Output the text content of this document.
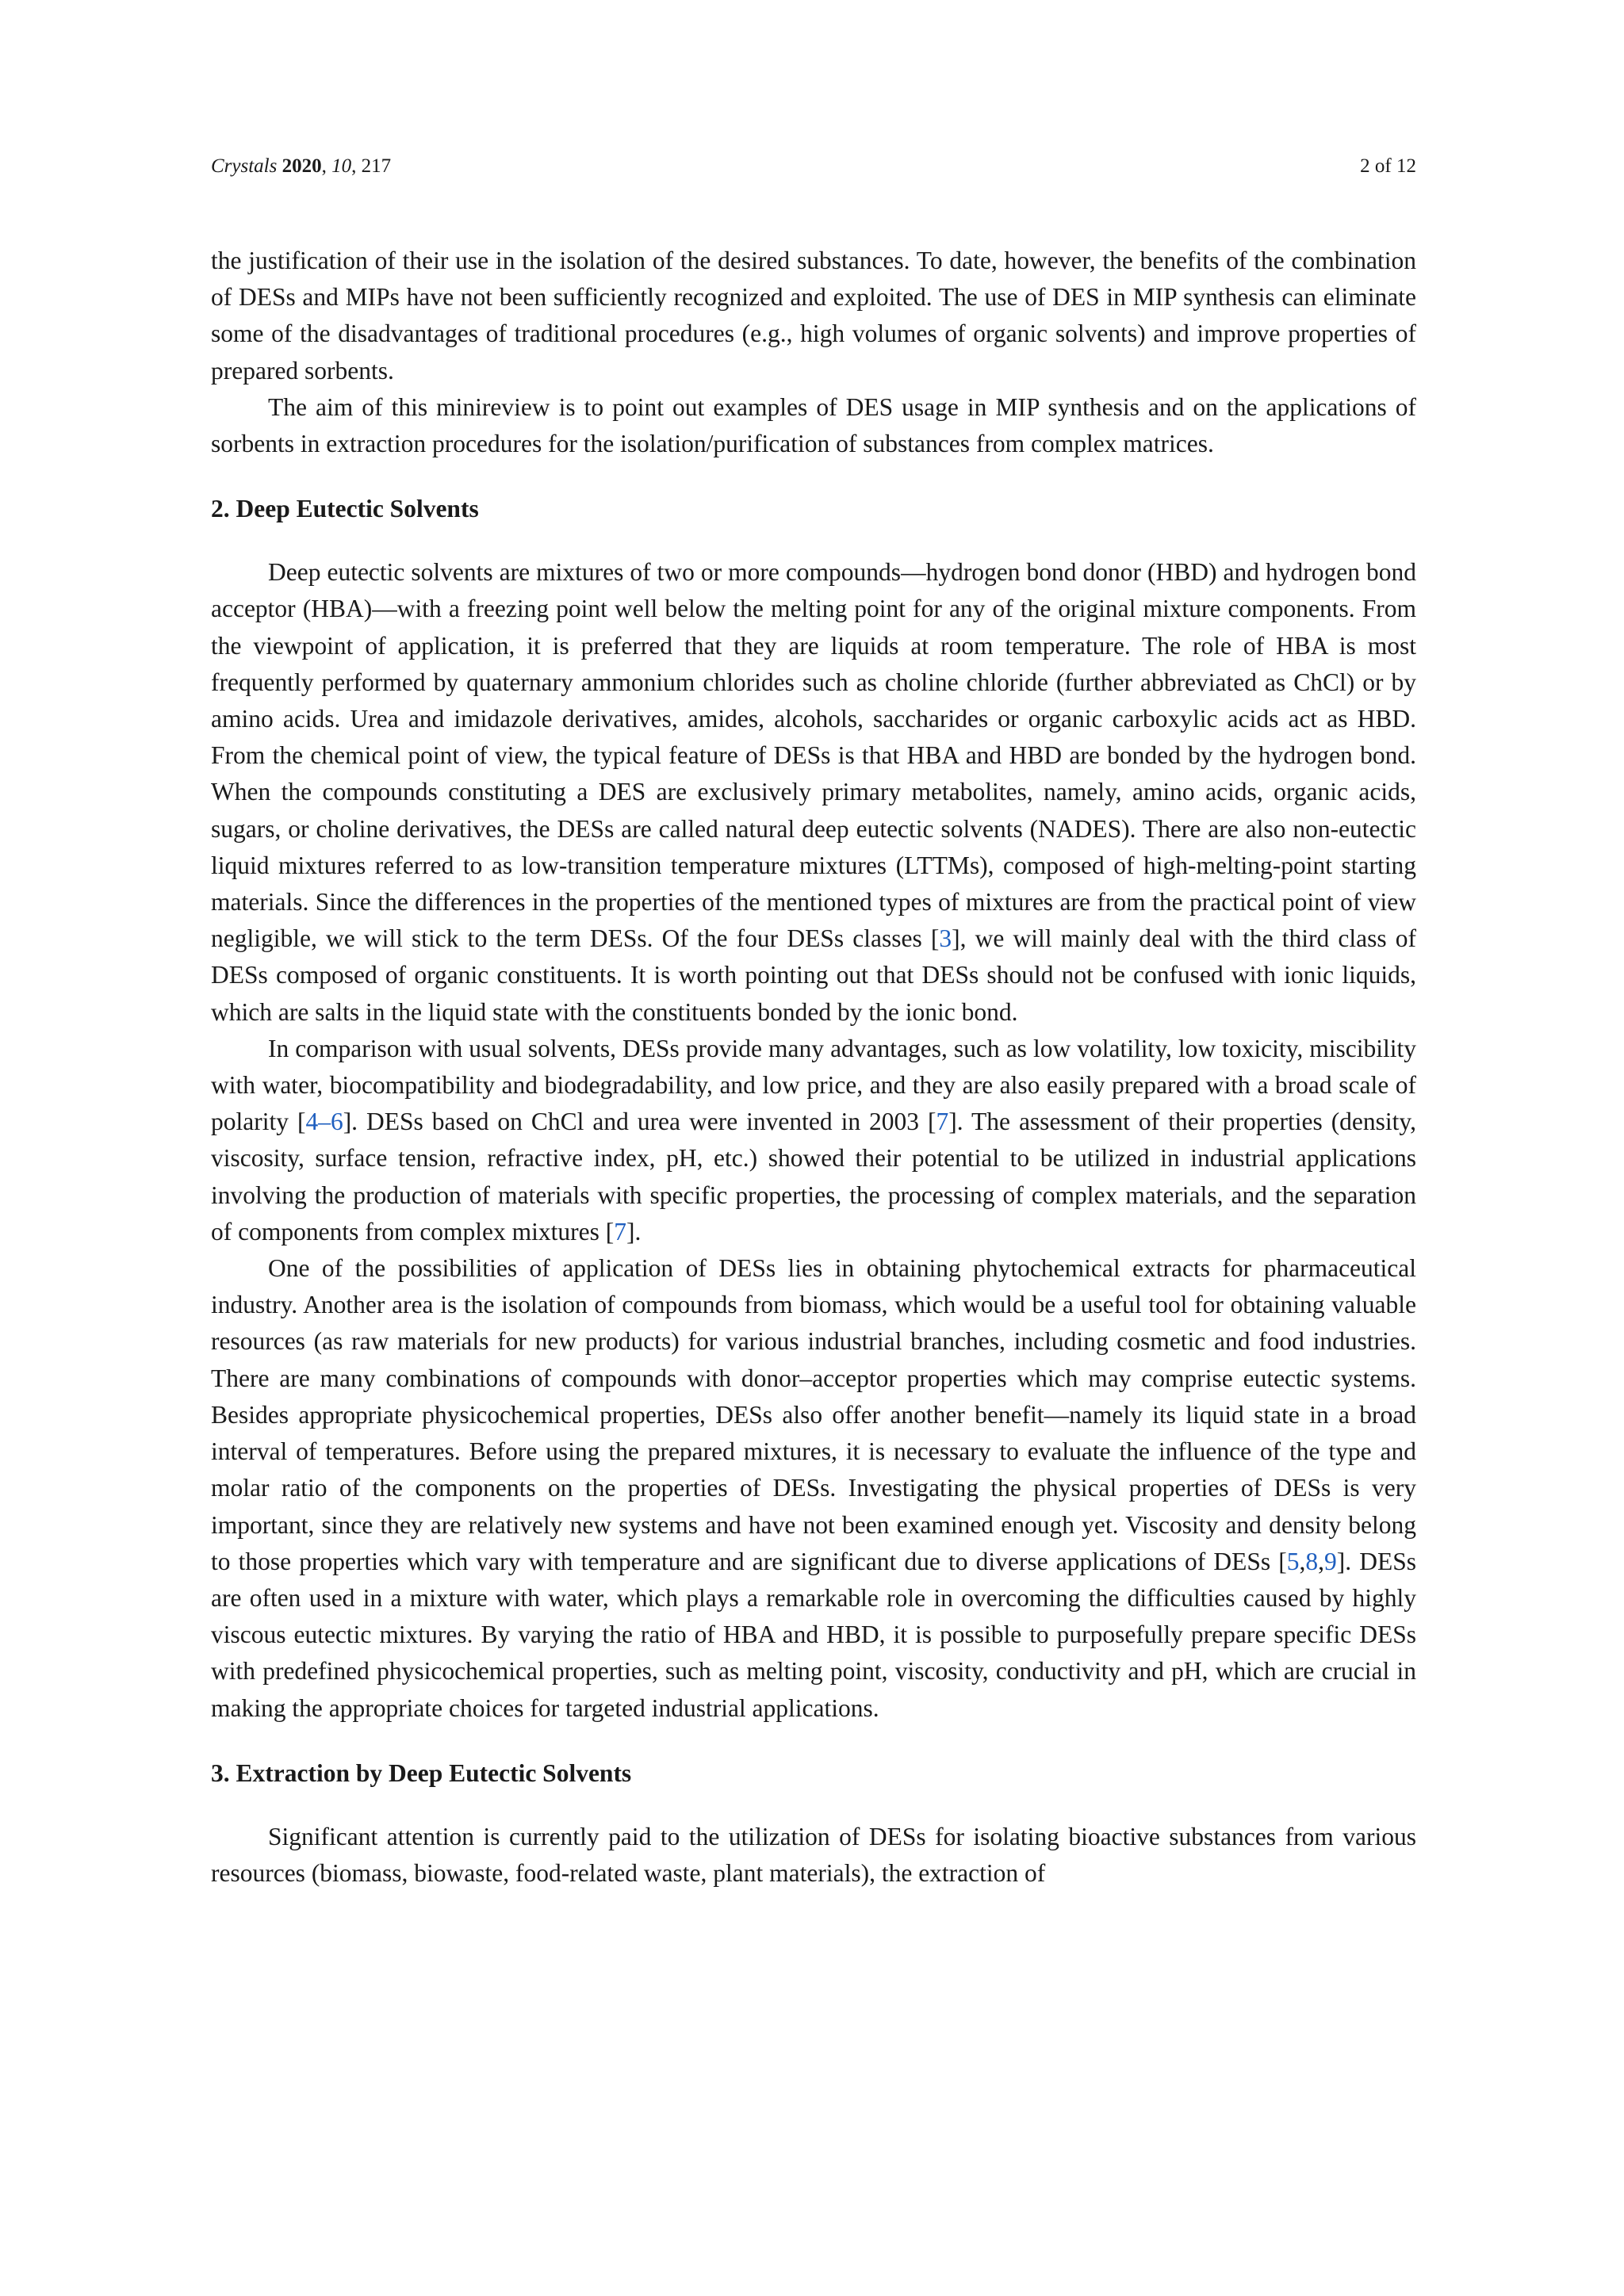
Crystals 2020, 10, 217	2 of 12

the justification of their use in the isolation of the desired substances. To date, however, the benefits of the combination of DESs and MIPs have not been sufficiently recognized and exploited. The use of DES in MIP synthesis can eliminate some of the disadvantages of traditional procedures (e.g., high volumes of organic solvents) and improve properties of prepared sorbents.

The aim of this minireview is to point out examples of DES usage in MIP synthesis and on the applications of sorbents in extraction procedures for the isolation/purification of substances from complex matrices.

2. Deep Eutectic Solvents

Deep eutectic solvents are mixtures of two or more compounds—hydrogen bond donor (HBD) and hydrogen bond acceptor (HBA)—with a freezing point well below the melting point for any of the original mixture components. From the viewpoint of application, it is preferred that they are liquids at room temperature. The role of HBA is most frequently performed by quaternary ammonium chlorides such as choline chloride (further abbreviated as ChCl) or by amino acids. Urea and imidazole derivatives, amides, alcohols, saccharides or organic carboxylic acids act as HBD. From the chemical point of view, the typical feature of DESs is that HBA and HBD are bonded by the hydrogen bond. When the compounds constituting a DES are exclusively primary metabolites, namely, amino acids, organic acids, sugars, or choline derivatives, the DESs are called natural deep eutectic solvents (NADES). There are also non-eutectic liquid mixtures referred to as low-transition temperature mixtures (LTTMs), composed of high-melting-point starting materials. Since the differences in the properties of the mentioned types of mixtures are from the practical point of view negligible, we will stick to the term DESs. Of the four DESs classes [3], we will mainly deal with the third class of DESs composed of organic constituents. It is worth pointing out that DESs should not be confused with ionic liquids, which are salts in the liquid state with the constituents bonded by the ionic bond.

In comparison with usual solvents, DESs provide many advantages, such as low volatility, low toxicity, miscibility with water, biocompatibility and biodegradability, and low price, and they are also easily prepared with a broad scale of polarity [4–6]. DESs based on ChCl and urea were invented in 2003 [7]. The assessment of their properties (density, viscosity, surface tension, refractive index, pH, etc.) showed their potential to be utilized in industrial applications involving the production of materials with specific properties, the processing of complex materials, and the separation of components from complex mixtures [7].

One of the possibilities of application of DESs lies in obtaining phytochemical extracts for pharmaceutical industry. Another area is the isolation of compounds from biomass, which would be a useful tool for obtaining valuable resources (as raw materials for new products) for various industrial branches, including cosmetic and food industries. There are many combinations of compounds with donor–acceptor properties which may comprise eutectic systems. Besides appropriate physicochemical properties, DESs also offer another benefit—namely its liquid state in a broad interval of temperatures. Before using the prepared mixtures, it is necessary to evaluate the influence of the type and molar ratio of the components on the properties of DESs. Investigating the physical properties of DESs is very important, since they are relatively new systems and have not been examined enough yet. Viscosity and density belong to those properties which vary with temperature and are significant due to diverse applications of DESs [5,8,9]. DESs are often used in a mixture with water, which plays a remarkable role in overcoming the difficulties caused by highly viscous eutectic mixtures. By varying the ratio of HBA and HBD, it is possible to purposefully prepare specific DESs with predefined physicochemical properties, such as melting point, viscosity, conductivity and pH, which are crucial in making the appropriate choices for targeted industrial applications.

3. Extraction by Deep Eutectic Solvents

Significant attention is currently paid to the utilization of DESs for isolating bioactive substances from various resources (biomass, biowaste, food-related waste, plant materials), the extraction of
